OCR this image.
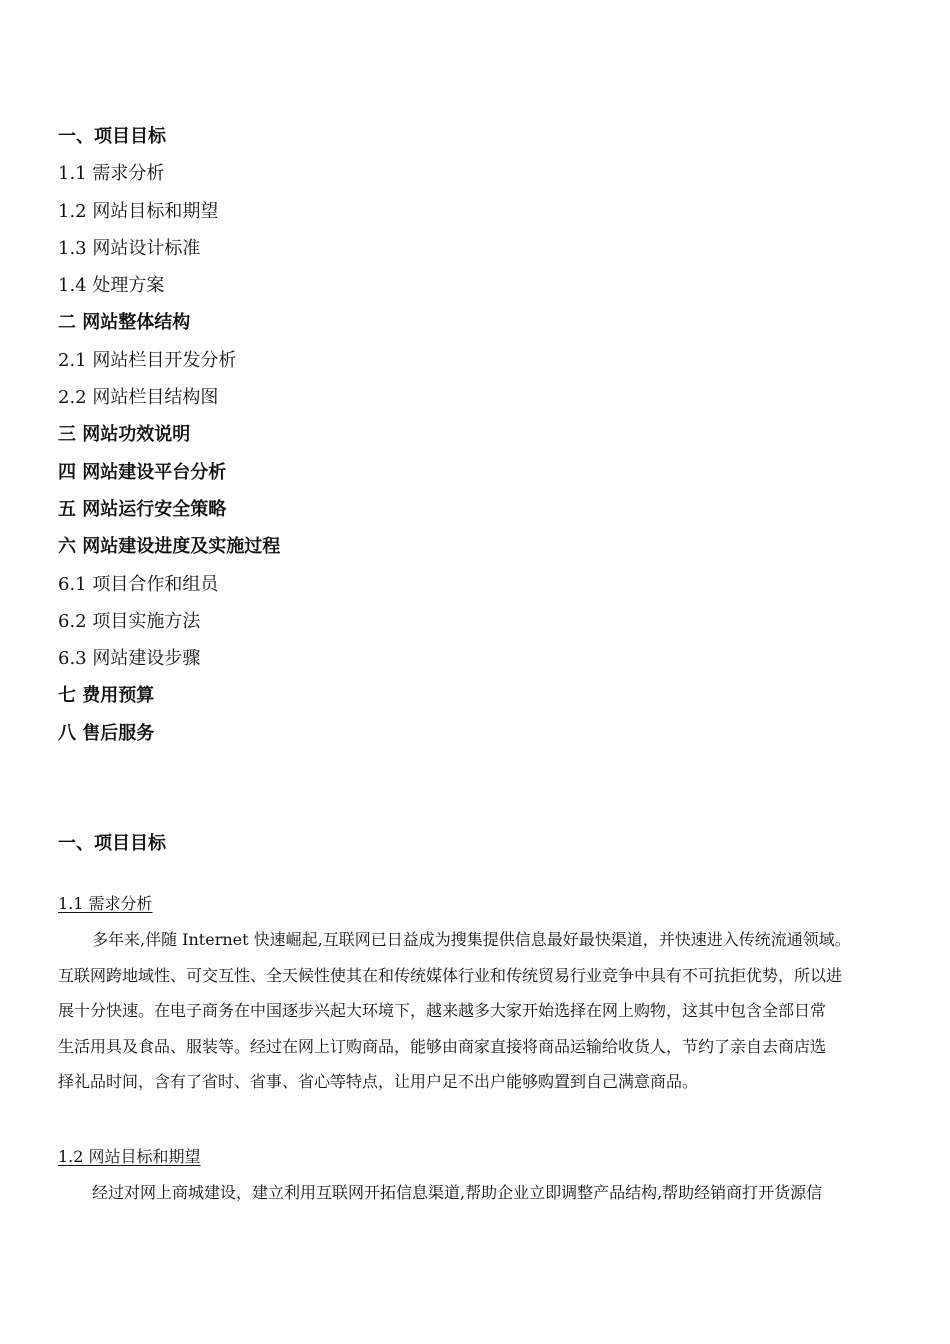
一、项目目标
1.1 需求分析
1.2 网站目标和期望
1.3 网站设计标准
1.4 处理方案
二 网站整体结构
2.1 网站栏目开发分析
2.2 网站栏目结构图
三 网站功效说明
四 网站建设平台分析
五 网站运行安全策略
六 网站建设进度及实施过程
6.1 项目合作和组员
6.2 项目实施方法
6.3 网站建设步骤
七 费用预算
八 售后服务
一、项目目标
1.1 需求分析
多年来,伴随 Internet 快速崛起,互联网已日益成为搜集提供信息最好最快渠道，并快速进入传统流通领域。
互联网跨地域性、可交互性、全天候性使其在和传统媒体行业和传统贸易行业竞争中具有不可抗拒优势，所以进
展十分快速。在电子商务在中国逐步兴起大环境下，越来越多大家开始选择在网上购物，这其中包含全部日常
生活用具及食品、服装等。经过在网上订购商品，能够由商家直接将商品运输给收货人，节约了亲自去商店选
择礼品时间，含有了省时、省事、省心等特点，让用户足不出户能够购置到自己满意商品。
1.2 网站目标和期望
经过对网上商城建设，建立利用互联网开拓信息渠道,帮助企业立即调整产品结构,帮助经销商打开货源信
